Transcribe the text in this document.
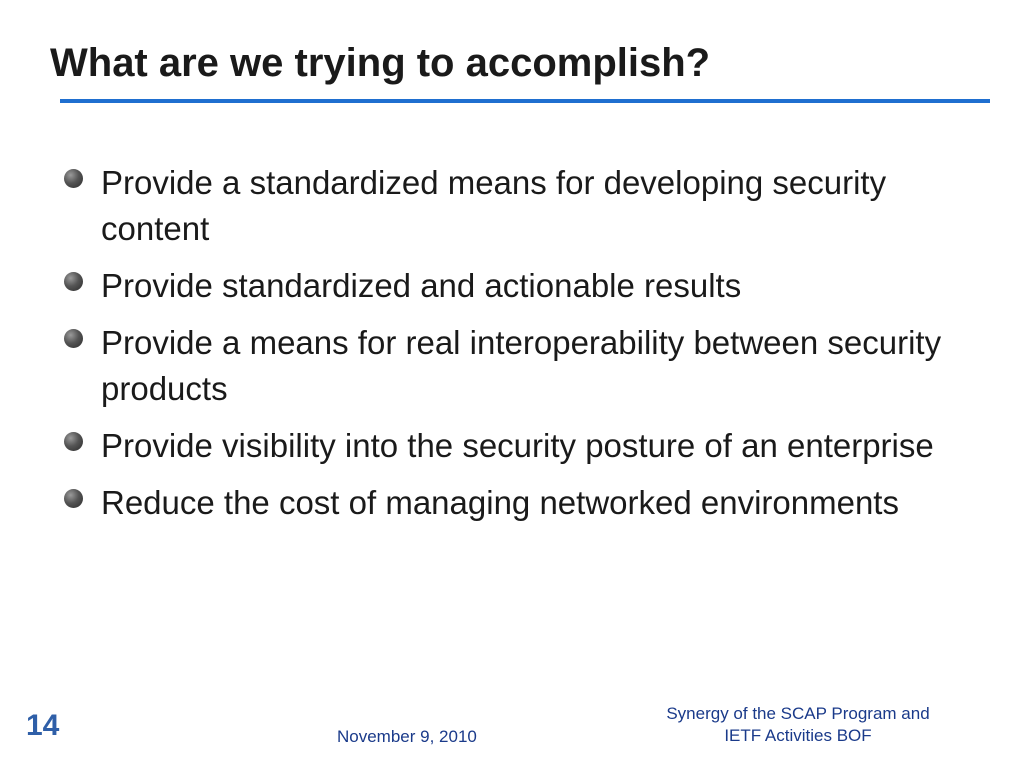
What are we trying to accomplish?
Provide a standardized means for developing security content
Provide standardized and actionable results
Provide a means for real interoperability between security products
Provide visibility into the security posture of an enterprise
Reduce the cost of managing networked environments
14	November 9, 2010
Synergy of the SCAP Program and
IETF Activities BOF
